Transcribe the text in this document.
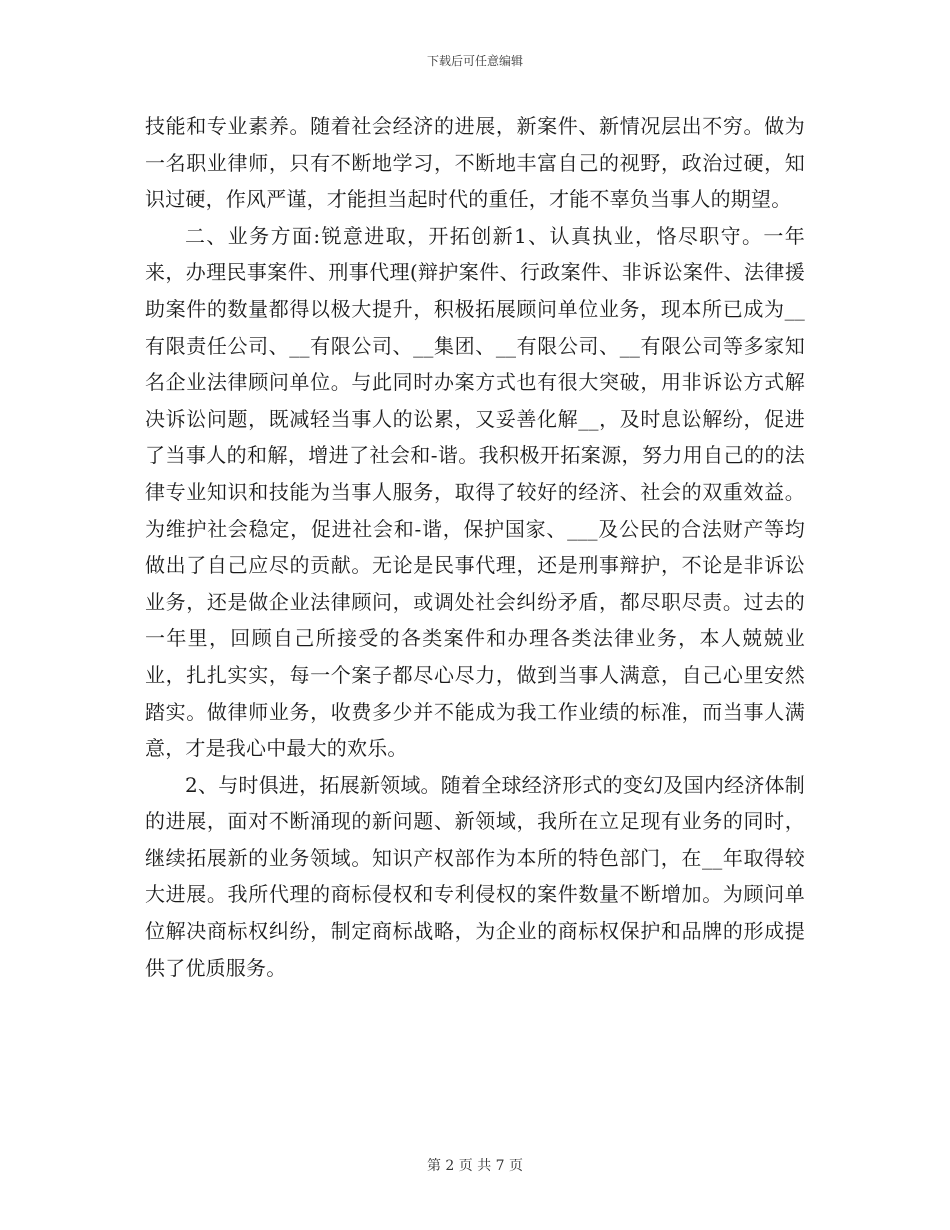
下载后可任意编辑

技能和专业素养。随着社会经济的进展，新案件、新情况层出不穷。做为一名职业律师，只有不断地学习，不断地丰富自己的视野，政治过硬，知识过硬，作风严谨，才能担当起时代的重任，才能不辜负当事人的期望。

二、业务方面:锐意进取，开拓创新1、认真执业，恪尽职守。一年来，办理民事案件、刑事代理(辩护案件、行政案件、非诉讼案件、法律援助案件的数量都得以极大提升，积极拓展顾问单位业务，现本所已成为__有限责任公司、__有限公司、__集团、__有限公司、__有限公司等多家知名企业法律顾问单位。与此同时办案方式也有很大突破，用非诉讼方式解决诉讼问题，既减轻当事人的讼累，又妥善化解__，及时息讼解纷，促进了当事人的和解，增进了社会和-谐。我积极开拓案源，努力用自己的的法律专业知识和技能为当事人服务，取得了较好的经济、社会的双重效益。为维护社会稳定，促进社会和-谐，保护国家、___及公民的合法财产等均做出了自己应尽的贡献。无论是民事代理，还是刑事辩护，不论是非诉讼业务，还是做企业法律顾问，或调处社会纠纷矛盾，都尽职尽责。过去的一年里，回顾自己所接受的各类案件和办理各类法律业务，本人兢兢业业，扎扎实实，每一个案子都尽心尽力，做到当事人满意，自己心里安然踏实。做律师业务，收费多少并不能成为我工作业绩的标准，而当事人满意，才是我心中最大的欢乐。

2、与时俱进，拓展新领域。随着全球经济形式的变幻及国内经济体制的进展，面对不断涌现的新问题、新领域，我所在立足现有业务的同时，继续拓展新的业务领域。知识产权部作为本所的特色部门，在__年取得较大进展。我所代理的商标侵权和专利侵权的案件数量不断增加。为顾问单位解决商标权纠纷，制定商标战略，为企业的商标权保护和品牌的形成提供了优质服务。

第 2 页 共 7 页
